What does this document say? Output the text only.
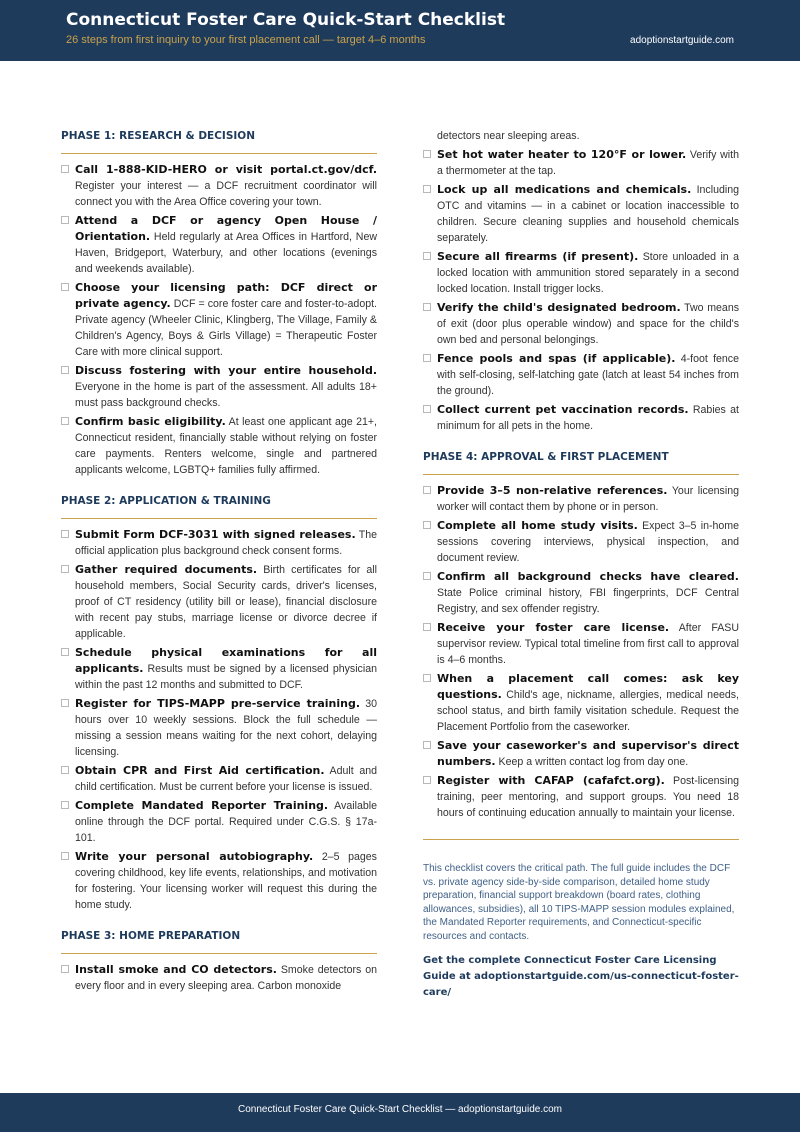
Connecticut Foster Care Quick-Start Checklist
26 steps from first inquiry to your first placement call — target 4–6 months	adoptionstartguide.com
PHASE 1: RESEARCH & DECISION
Call 1-888-KID-HERO or visit portal.ct.gov/dcf. Register your interest — a DCF recruitment coordinator will connect you with the Area Office covering your town.
Attend a DCF or agency Open House / Orientation. Held regularly at Area Offices in Hartford, New Haven, Bridgeport, Waterbury, and other locations (evenings and weekends available).
Choose your licensing path: DCF direct or private agency. DCF = core foster care and foster-to-adopt. Private agency (Wheeler Clinic, Klingberg, The Village, Family & Children's Agency, Boys & Girls Village) = Therapeutic Foster Care with more clinical support.
Discuss fostering with your entire household. Everyone in the home is part of the assessment. All adults 18+ must pass background checks.
Confirm basic eligibility. At least one applicant age 21+, Connecticut resident, financially stable without relying on foster care payments. Renters welcome, single and partnered applicants welcome, LGBTQ+ families fully affirmed.
PHASE 2: APPLICATION & TRAINING
Submit Form DCF-3031 with signed releases. The official application plus background check consent forms.
Gather required documents. Birth certificates for all household members, Social Security cards, driver's licenses, proof of CT residency (utility bill or lease), financial disclosure with recent pay stubs, marriage license or divorce decree if applicable.
Schedule physical examinations for all applicants. Results must be signed by a licensed physician within the past 12 months and submitted to DCF.
Register for TIPS-MAPP pre-service training. 30 hours over 10 weekly sessions. Block the full schedule — missing a session means waiting for the next cohort, delaying licensing.
Obtain CPR and First Aid certification. Adult and child certification. Must be current before your license is issued.
Complete Mandated Reporter Training. Available online through the DCF portal. Required under C.G.S. § 17a-101.
Write your personal autobiography. 2–5 pages covering childhood, key life events, relationships, and motivation for fostering. Your licensing worker will request this during the home study.
PHASE 3: HOME PREPARATION
Install smoke and CO detectors. Smoke detectors on every floor and in every sleeping area. Carbon monoxide
detectors near sleeping areas.
Set hot water heater to 120°F or lower. Verify with a thermometer at the tap.
Lock up all medications and chemicals. Including OTC and vitamins — in a cabinet or location inaccessible to children. Secure cleaning supplies and household chemicals separately.
Secure all firearms (if present). Store unloaded in a locked location with ammunition stored separately in a second locked location. Install trigger locks.
Verify the child's designated bedroom. Two means of exit (door plus operable window) and space for the child's own bed and personal belongings.
Fence pools and spas (if applicable). 4-foot fence with self-closing, self-latching gate (latch at least 54 inches from the ground).
Collect current pet vaccination records. Rabies at minimum for all pets in the home.
PHASE 4: APPROVAL & FIRST PLACEMENT
Provide 3–5 non-relative references. Your licensing worker will contact them by phone or in person.
Complete all home study visits. Expect 3–5 in-home sessions covering interviews, physical inspection, and document review.
Confirm all background checks have cleared. State Police criminal history, FBI fingerprints, DCF Central Registry, and sex offender registry.
Receive your foster care license. After FASU supervisor review. Typical total timeline from first call to approval is 4–6 months.
When a placement call comes: ask key questions. Child's age, nickname, allergies, medical needs, school status, and birth family visitation schedule. Request the Placement Portfolio from the caseworker.
Save your caseworker's and supervisor's direct numbers. Keep a written contact log from day one.
Register with CAFAP (cafafct.org). Post-licensing training, peer mentoring, and support groups. You need 18 hours of continuing education annually to maintain your license.
This checklist covers the critical path. The full guide includes the DCF vs. private agency side-by-side comparison, detailed home study preparation, financial support breakdown (board rates, clothing allowances, subsidies), all 10 TIPS-MAPP session modules explained, the Mandated Reporter requirements, and Connecticut-specific resources and contacts.
Get the complete Connecticut Foster Care Licensing Guide at adoptionstartguide.com/us-connecticut-foster-care/
Connecticut Foster Care Quick-Start Checklist — adoptionstartguide.com
